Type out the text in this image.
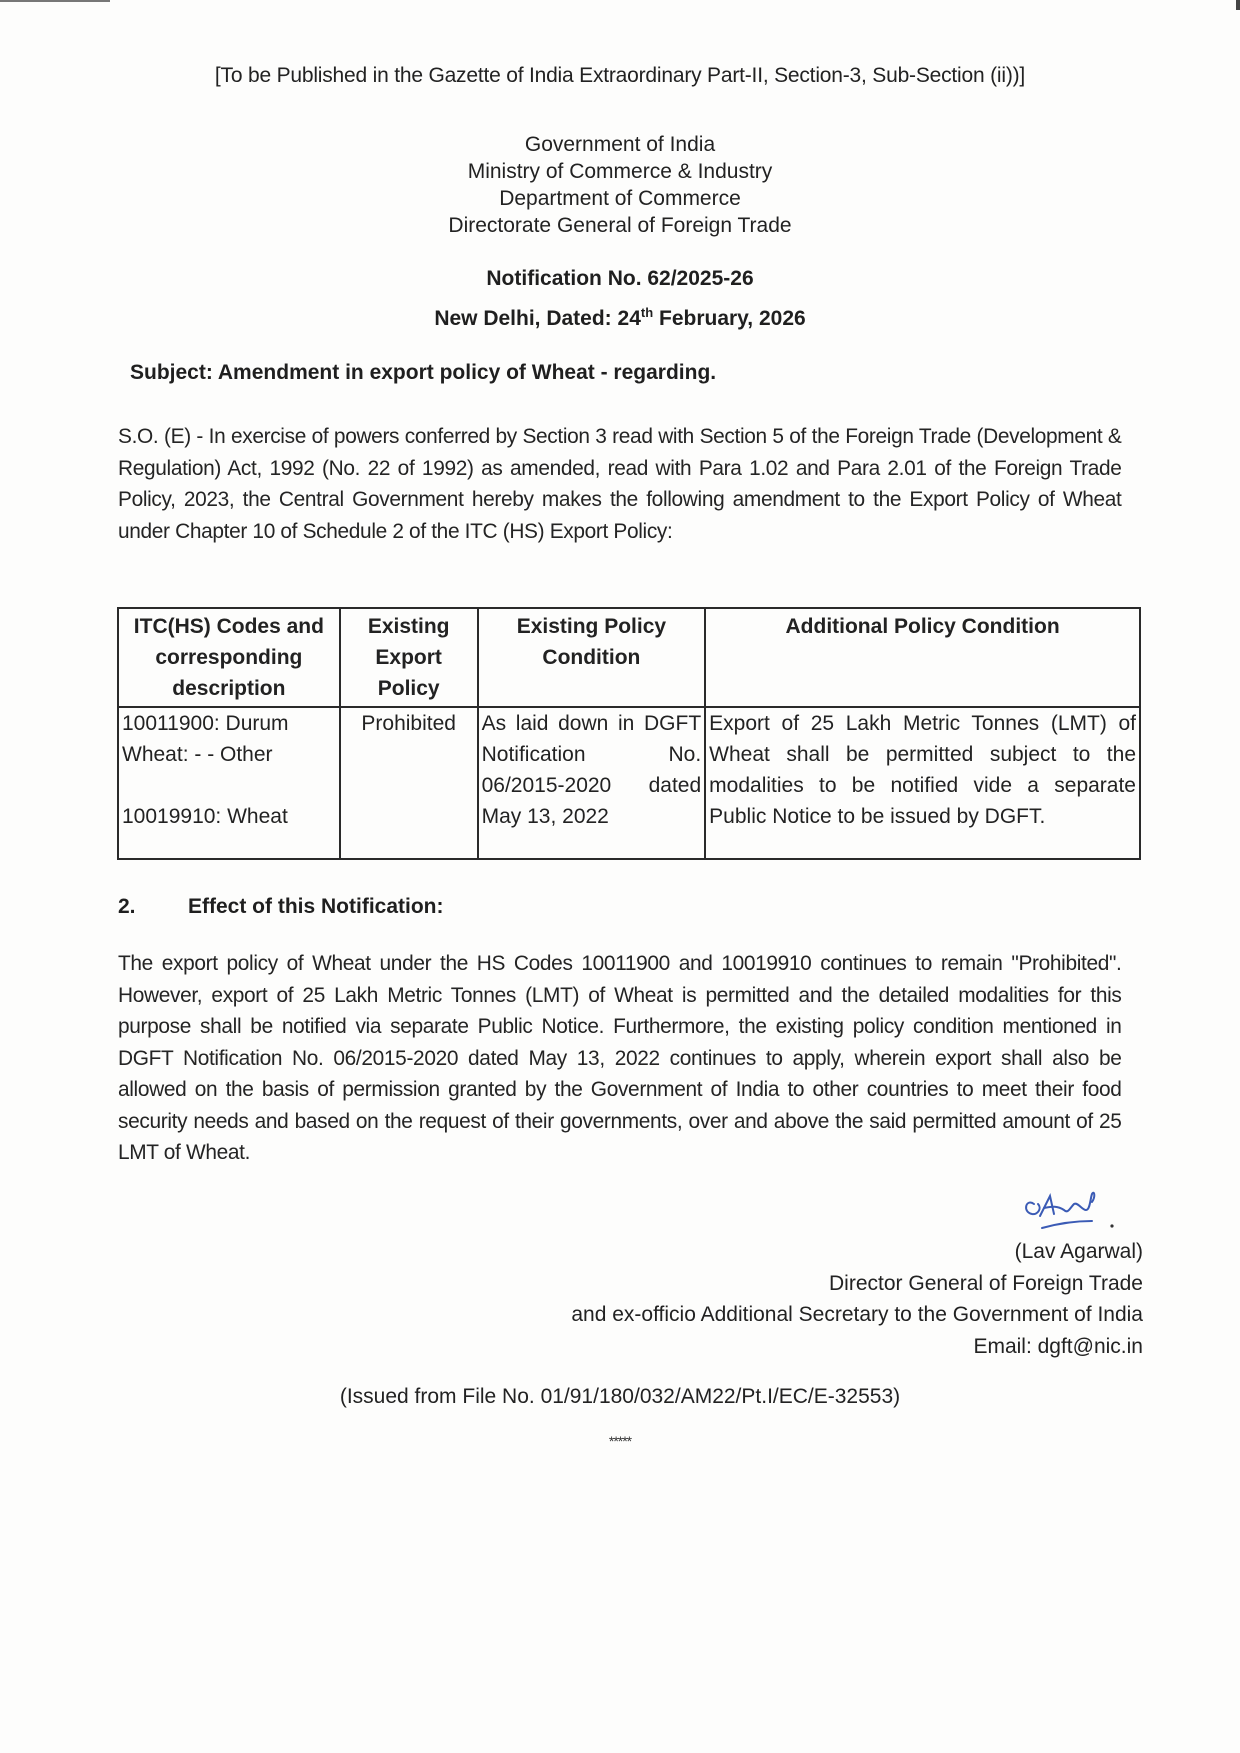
[To be Published in the Gazette of India Extraordinary Part-II, Section-3, Sub-Section (ii))]
Government of India
Ministry of Commerce & Industry
Department of Commerce
Directorate General of Foreign Trade
Notification No. 62/2025-26
New Delhi, Dated: 24th February, 2026
Subject: Amendment in export policy of Wheat - regarding.
S.O. (E) - In exercise of powers conferred by Section 3 read with Section 5 of the Foreign Trade (Development & Regulation) Act, 1992 (No. 22 of 1992) as amended, read with Para 1.02 and Para 2.01 of the Foreign Trade Policy, 2023, the Central Government hereby makes the following amendment to the Export Policy of Wheat under Chapter 10 of Schedule 2 of the ITC (HS) Export Policy:
ITC(HS) Codes and corresponding description	Existing Export Policy	Existing Policy Condition	Additional Policy Condition

10011900: Durum
Wheat: - - Other
10019910: Wheat	Prohibited	As laid down in DGFT
Notification No.
06/2015-2020 dated
May 13, 2022	Export of 25 Lakh Metric Tonnes (LMT) of
Wheat shall be permitted subject to the
modalities to be notified vide a separate
Public Notice to be issued by DGFT.
2. Effect of this Notification:
The export policy of Wheat under the HS Codes 10011900 and 10019910 continues to remain "Prohibited". However, export of 25 Lakh Metric Tonnes (LMT) of Wheat is permitted and the detailed modalities for this purpose shall be notified via separate Public Notice. Furthermore, the existing policy condition mentioned in DGFT Notification No. 06/2015-2020 dated May 13, 2022 continues to apply, wherein export shall also be allowed on the basis of permission granted by the Government of India to other countries to meet their food security needs and based on the request of their governments, over and above the said permitted amount of 25 LMT of Wheat.
(Lav Agarwal)
Director General of Foreign Trade
and ex-officio Additional Secretary to the Government of India
Email: dgft@nic.in
(Issued from File No. 01/91/180/032/AM22/Pt.I/EC/E-32553)
*****
